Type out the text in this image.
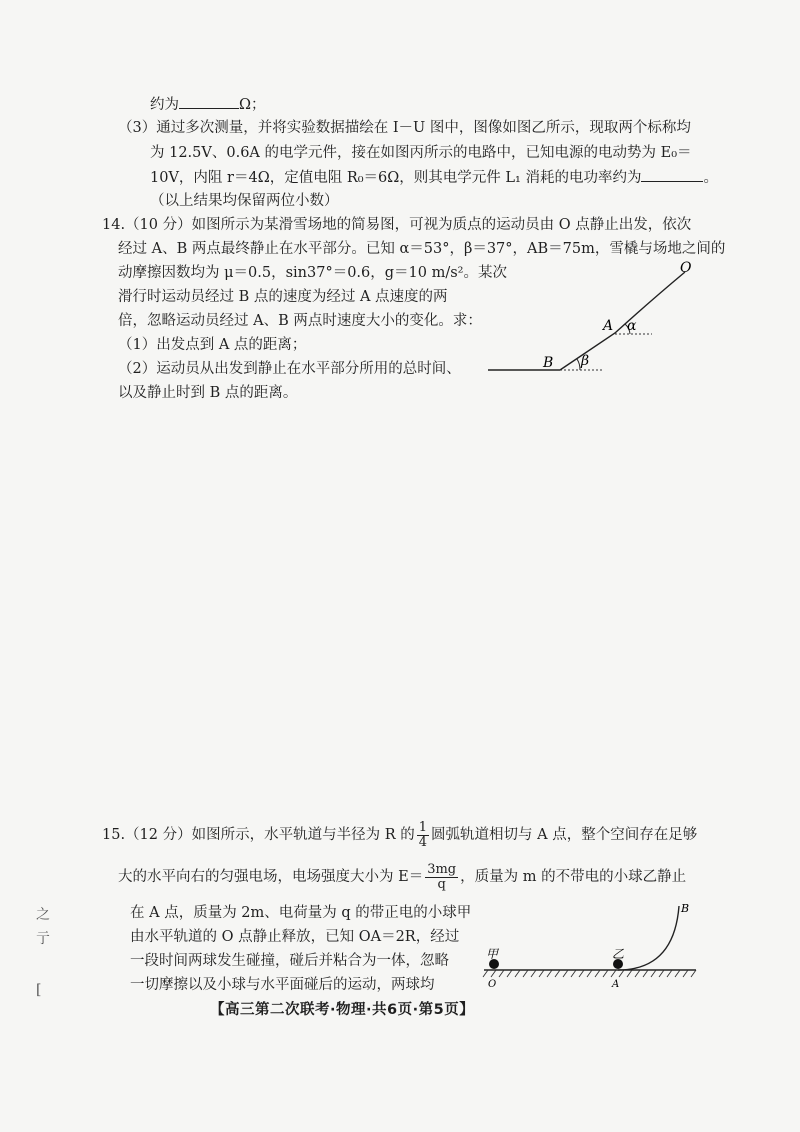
约为	Ω；
（3）通过多次测量，并将实验数据描绘在 I－U 图中，图像如图乙所示，现取两个标称均
为 12.5V、0.6A 的电学元件，接在如图丙所示的电路中，已知电源的电动势为 E₀＝
10V，内阻 r＝4Ω，定值电阻 R₀＝6Ω，则其电学元件 L₁ 消耗的电功率约为	。
（以上结果均保留两位小数）
14.（10 分）如图所示为某滑雪场地的简易图，可视为质点的运动员由 O 点静止出发，依次
经过 A、B 两点最终静止在水平部分。已知 α＝53°，β＝37°，AB＝75m，雪橇与场地之间的
动摩擦因数均为 μ＝0.5，sin37°＝0.6，g＝10 m/s²。某次
滑行时运动员经过 B 点的速度为经过 A 点速度的两
倍，忽略运动员经过 A、B 两点时速度大小的变化。求：
（1）出发点到 A 点的距离；
（2）运动员从出发到静止在水平部分所用的总时间、
以及静止时到 B 点的距离。
O
A
B
α
β
15.（12 分）如图所示，水平轨道与半径为 R 的 $\frac{1}{4}$ 圆弧轨道相切与 A 点，整个空间存在足够
大的水平向右的匀强电场，电场强度大小为 $E= \frac{3mg}{q}$ ，质量为 m 的不带电的小球乙静止
在 A 点，质量为 2m、电荷量为 q 的带正电的小球甲
由水平轨道的 O 点静止释放，已知 OA＝2R，经过
一段时间两球发生碰撞，碰后并粘合为一体，忽略
一切摩擦以及小球与水平面碰后的运动，两球均
甲	乙
O	A
B
之
亍
[
【高三第二次联考·物理·共6页·第5页】
